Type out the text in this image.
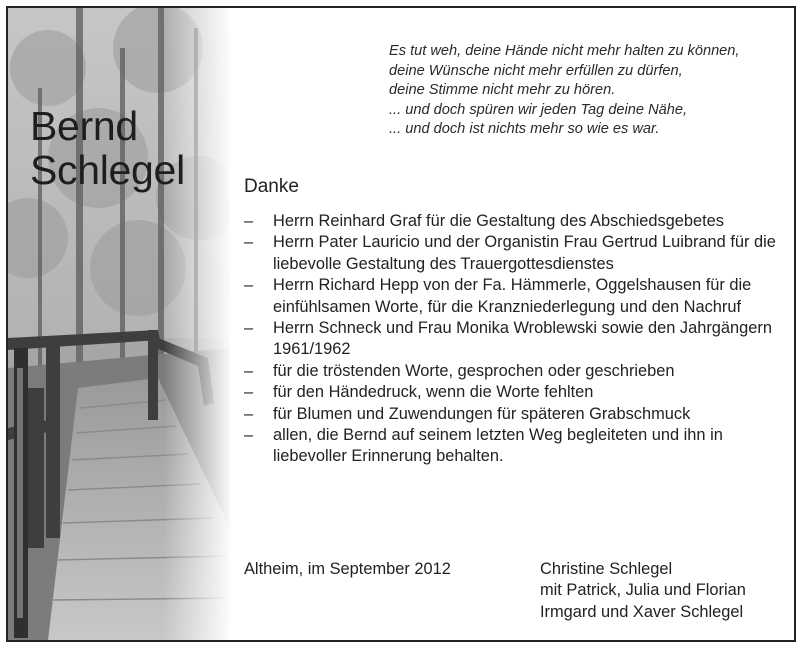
Bernd
Schlegel
Es tut weh, deine Hände nicht mehr halten zu können,
deine Wünsche nicht mehr erfüllen zu dürfen,
deine Stimme nicht mehr zu hören.
... und doch spüren wir jeden Tag deine Nähe,
... und doch ist nichts mehr so wie es war.
Danke
– Herrn Reinhard Graf für die Gestaltung des Abschiedsgebetes
– Herrn Pater Lauricio und der Organistin Frau Gertrud Luibrand für die liebevolle Gestaltung des Trauergottesdienstes
– Herrn Richard Hepp von der Fa. Hämmerle, Oggelshausen für die einfühlsamen Worte, für die Kranzniederlegung und den Nachruf
– Herrn Schneck und Frau Monika Wroblewski sowie den Jahrgängern 1961/1962
– für die tröstenden Worte, gesprochen oder geschrieben
– für den Händedruck, wenn die Worte fehlten
– für Blumen und Zuwendungen für späteren Grabschmuck
– allen, die Bernd auf seinem letzten Weg begleiteten und ihn in liebevoller Erinnerung behalten.
Altheim, im September 2012	Christine Schlegel
mit Patrick, Julia und Florian
Irmgard und Xaver Schlegel
